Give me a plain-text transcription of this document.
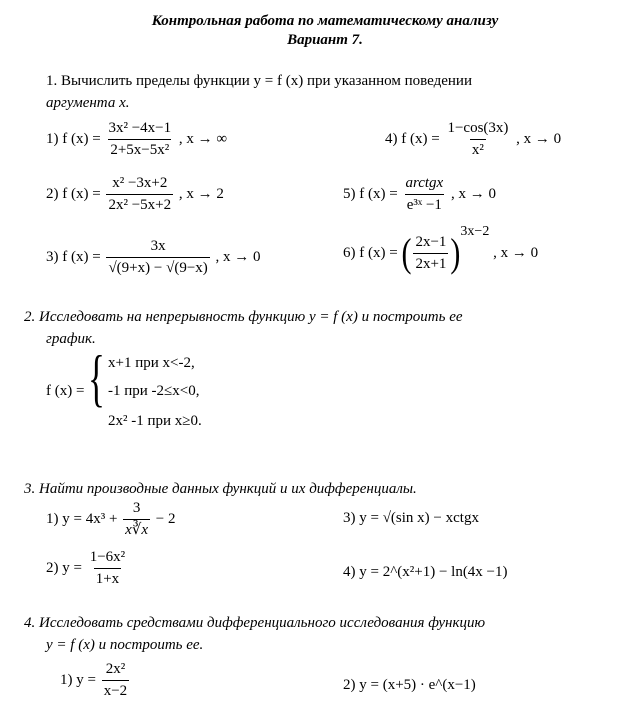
Контрольная работа по математическому анализу
Вариант 7.
1. Вычислить пределы функции y = f (x) при указанном поведении
аргумента x.
1) f $(x) = \frac{\text{3x² −4x−1}}{\text{2+5x−5x²}}$ , x → ∞	4) f $(x) = \frac{1-\cos(3x)}{\text{x²}}$ , x → 0
2) f $(x) = \frac{\text{x² −3x+2}}{\text{2x² −5x+2}}$ , x → 2	5) f $(x) = \frac{\text{arctgx}}{\text{e³ˣ −1}}$ , x → 0
3) f $(x) = \frac{3x}{√(9+x) - √(9-x)}$ , x → 0	6) f (x) = ( $\frac{2x-1}{2x+1} )^{3x-2}$ , x → 0
2. Исследовать на непрерывность функцию y = f (x) и построить ее
график.
f (x) = { x+1 при x<-2,
-1 при -2≤x<0,
2x² -1 при x≥0.
3. Найти производные данных функций и их дифференциалы.
1) $y = 4x^3 + \frac{3}{x∛x} - 2$	3) y = √(sin x) − xctgx
2) $y = \frac{\text{1−6x²}}{1+x}$	4) y = 2^(x²+1) − ln(4x −1)
4. Исследовать средствами дифференциального исследования функцию
y = f (x) и построить ее.
1) $y = \frac{\text{2x²}}{x-2}$	2) y = (x+5) · e^(x−1)
